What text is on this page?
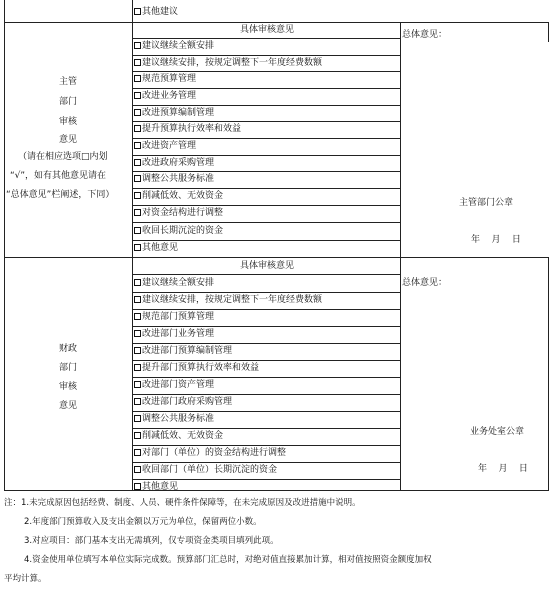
其他建议
主管
部门
审核
意见
（请在相应选项□内划
“√”，如有其他意见请在
“总体意见”栏阐述，下同）
具体审核意见
建议继续全额安排
建议继续安排，按规定调整下一年度经费数额
规范预算管理
改进业务管理
改进预算编制管理
提升预算执行效率和效益
改进资产管理
改进政府采购管理
调整公共服务标准
削减低效、无效资金
对资金结构进行调整
收回长期沉淀的资金
其他意见
总体意见：
主管部门公章
年    月    日
财政
部门
审核
意见
具体审核意见
建议继续全额安排
建议继续安排，按规定调整下一年度经费数额
规范部门预算管理
改进部门业务管理
改进部门预算编制管理
提升部门预算执行效率和效益
改进部门资产管理
改进部门政府采购管理
调整公共服务标准
削减低效、无效资金
对部门（单位）的资金结构进行调整
收回部门（单位）长期沉淀的资金
其他意见
总体意见：
业务处室公章
年    月    日
注：1.未完成原因包括经费、制度、人员、硬件条件保障等，在未完成原因及改进措施中说明。
2.年度部门预算收入及支出金额以万元为单位，保留两位小数。
3.对应项目：部门基本支出无需填列，仅专项资金类项目填列此项。
4.资金使用单位填写本单位实际完成数。预算部门汇总时，对绝对值直接累加计算，相对值按照资金额度加权
平均计算。
